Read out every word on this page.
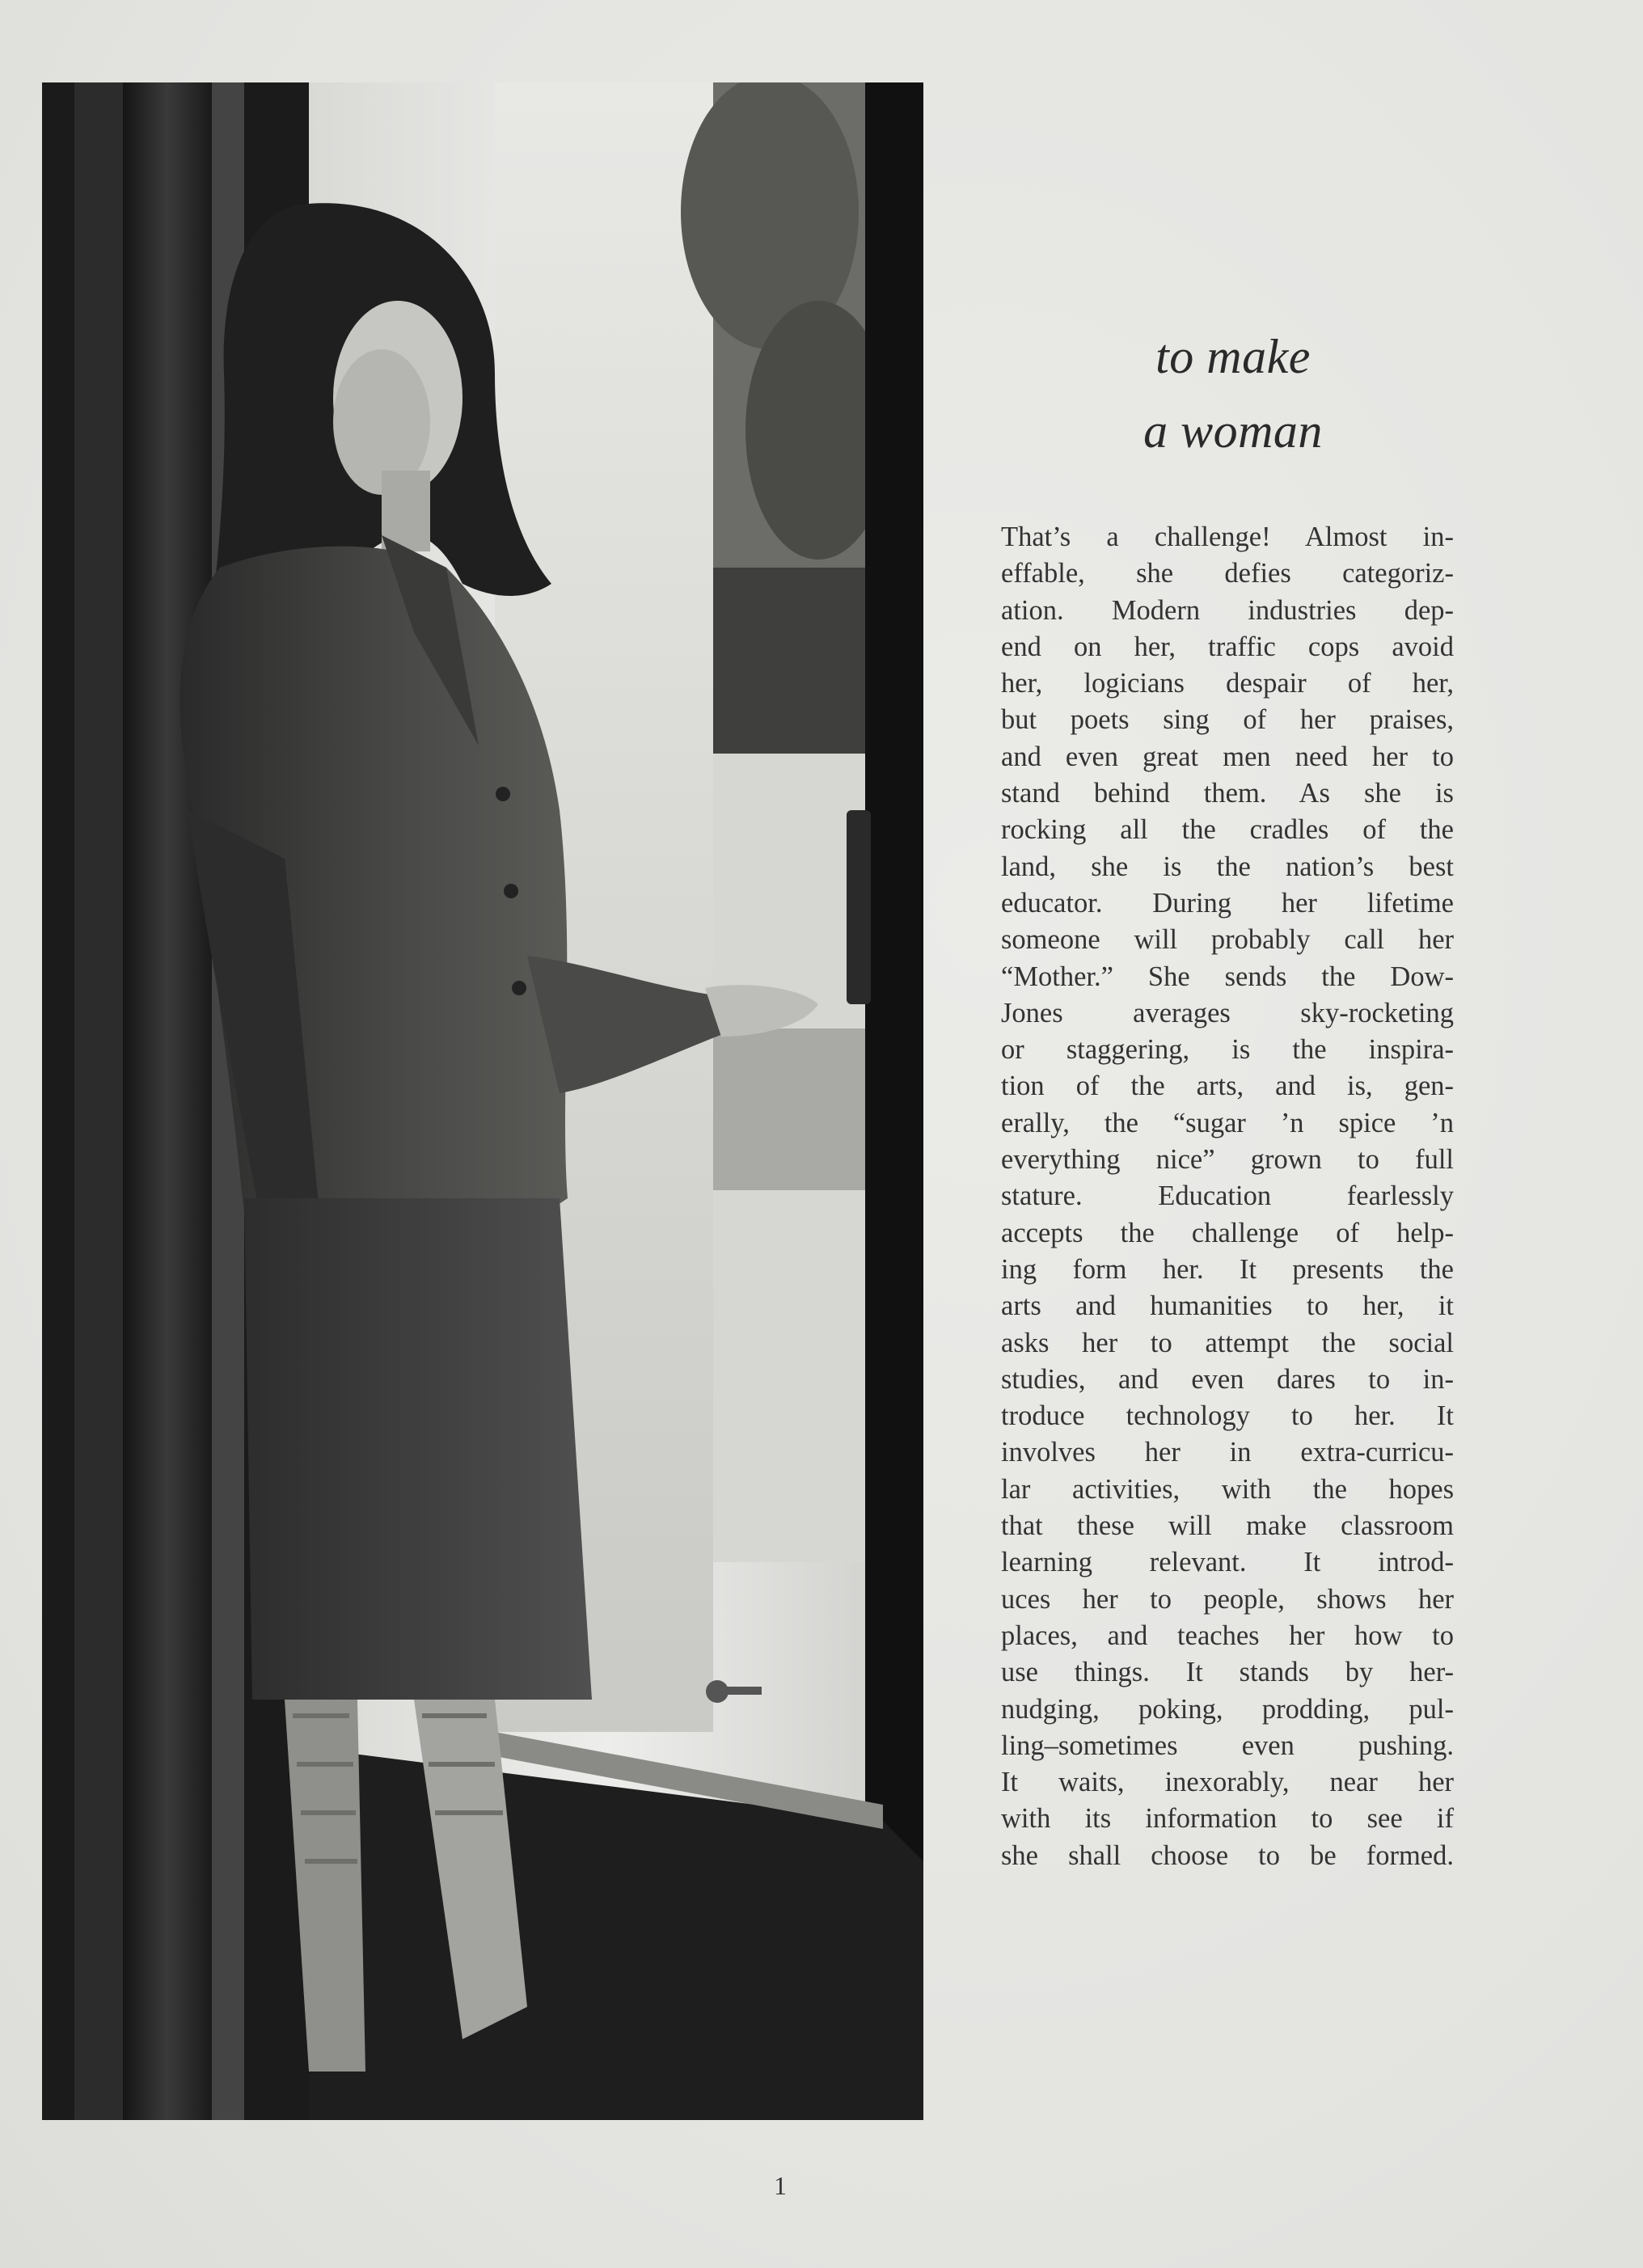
to make
a woman
That’s a challenge! Almost in-
effable, she defies categoriz-
ation. Modern industries dep-
end on her, traffic cops avoid
her, logicians despair of her,
but poets sing of her praises,
and even great men need her to
stand behind them. As she is
rocking all the cradles of the
land, she is the nation’s best
educator. During her lifetime
someone will probably call her
“Mother.” She sends the Dow-
Jones averages sky-rocketing
or staggering, is the inspira-
tion of the arts, and is, gen-
erally, the “sugar ’n spice ’n
everything nice” grown to full
stature. Education fearlessly
accepts the challenge of help-
ing form her. It presents the
arts and humanities to her, it
asks her to attempt the social
studies, and even dares to in-
troduce technology to her. It
involves her in extra-curricu-
lar activities, with the hopes
that these will make classroom
learning relevant. It introd-
uces her to people, shows her
places, and teaches her how to
use things. It stands by her-
nudging, poking, prodding, pul-
ling–sometimes even pushing.
It waits, inexorably, near her
with its information to see if
she shall choose to be formed.
1
